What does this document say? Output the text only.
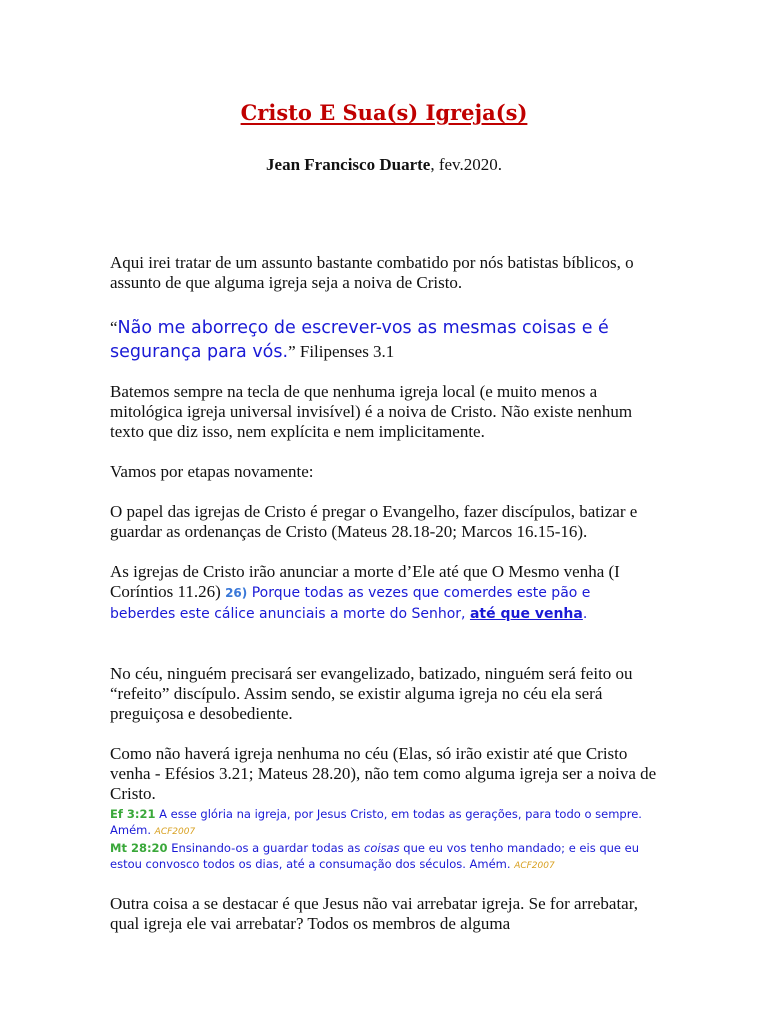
Cristo E Sua(s) Igreja(s)
Jean Francisco Duarte, fev.2020.

Aqui irei tratar de um assunto bastante combatido por nós batistas bíblicos, o assunto de que alguma igreja seja a noiva de Cristo.

“Não me aborreço de escrever-vos as mesmas coisas e é segurança para vós.” Filipenses 3.1

Batemos sempre na tecla de que nenhuma igreja local (e muito menos a mitológica igreja universal invisível) é a noiva de Cristo. Não existe nenhum texto que diz isso, nem explícita e nem implicitamente.

Vamos por etapas novamente:

O papel das igrejas de Cristo é pregar o Evangelho, fazer discípulos, batizar e guardar as ordenanças de Cristo (Mateus 28.18-20; Marcos 16.15-16).

As igrejas de Cristo irão anunciar a morte d’Ele até que O Mesmo venha (I Coríntios 11.26) 26) Porque todas as vezes que comerdes este pão e beberdes este cálice anunciais a morte do Senhor, até que venha.

No céu, ninguém precisará ser evangelizado, batizado, ninguém será feito ou “refeito” discípulo. Assim sendo, se existir alguma igreja no céu ela será preguiçosa e desobediente.

Como não haverá igreja nenhuma no céu (Elas, só irão existir até que Cristo venha - Efésios 3.21; Mateus 28.20), não tem como alguma igreja ser a noiva de Cristo.

Ef 3:21 A esse glória na igreja, por Jesus Cristo, em todas as gerações, para todo o sempre. Amém. ACF2007
Mt 28:20 Ensinando-os a guardar todas as coisas que eu vos tenho mandado; e eis que eu estou convosco todos os dias, até a consumação dos séculos. Amém. ACF2007

Outra coisa a se destacar é que Jesus não vai arrebatar igreja. Se for arrebatar, qual igreja ele vai arrebatar? Todos os membros de alguma
